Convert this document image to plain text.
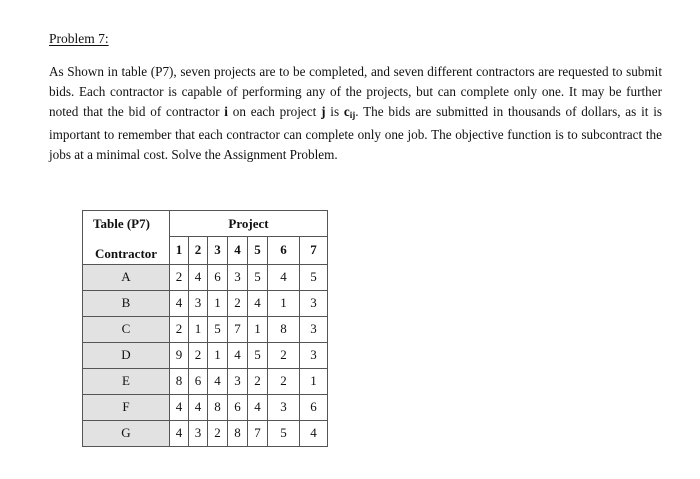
Problem 7:
As Shown in table (P7), seven projects are to be completed, and seven different contractors are requested to submit bids. Each contractor is capable of performing any of the projects, but can complete only one. It may be further noted that the bid of contractor i on each project j is $c_{ij}$. The bids are submitted in thousands of dollars, as it is important to remember that each contractor can complete only one job. The objective function is to subcontract the jobs at a minimal cost. Solve the Assignment Problem.
Table (P7)	Project						
Contractor	1	2	3	4	5	6	7
A	2	4	6	3	5	4	5
B	4	3	1	2	4	1	3
C	2	1	5	7	1	8	3
D	9	2	1	4	5	2	3
E	8	6	4	3	2	2	1
F	4	4	8	6	4	3	6
G	4	3	2	8	7	5	4
